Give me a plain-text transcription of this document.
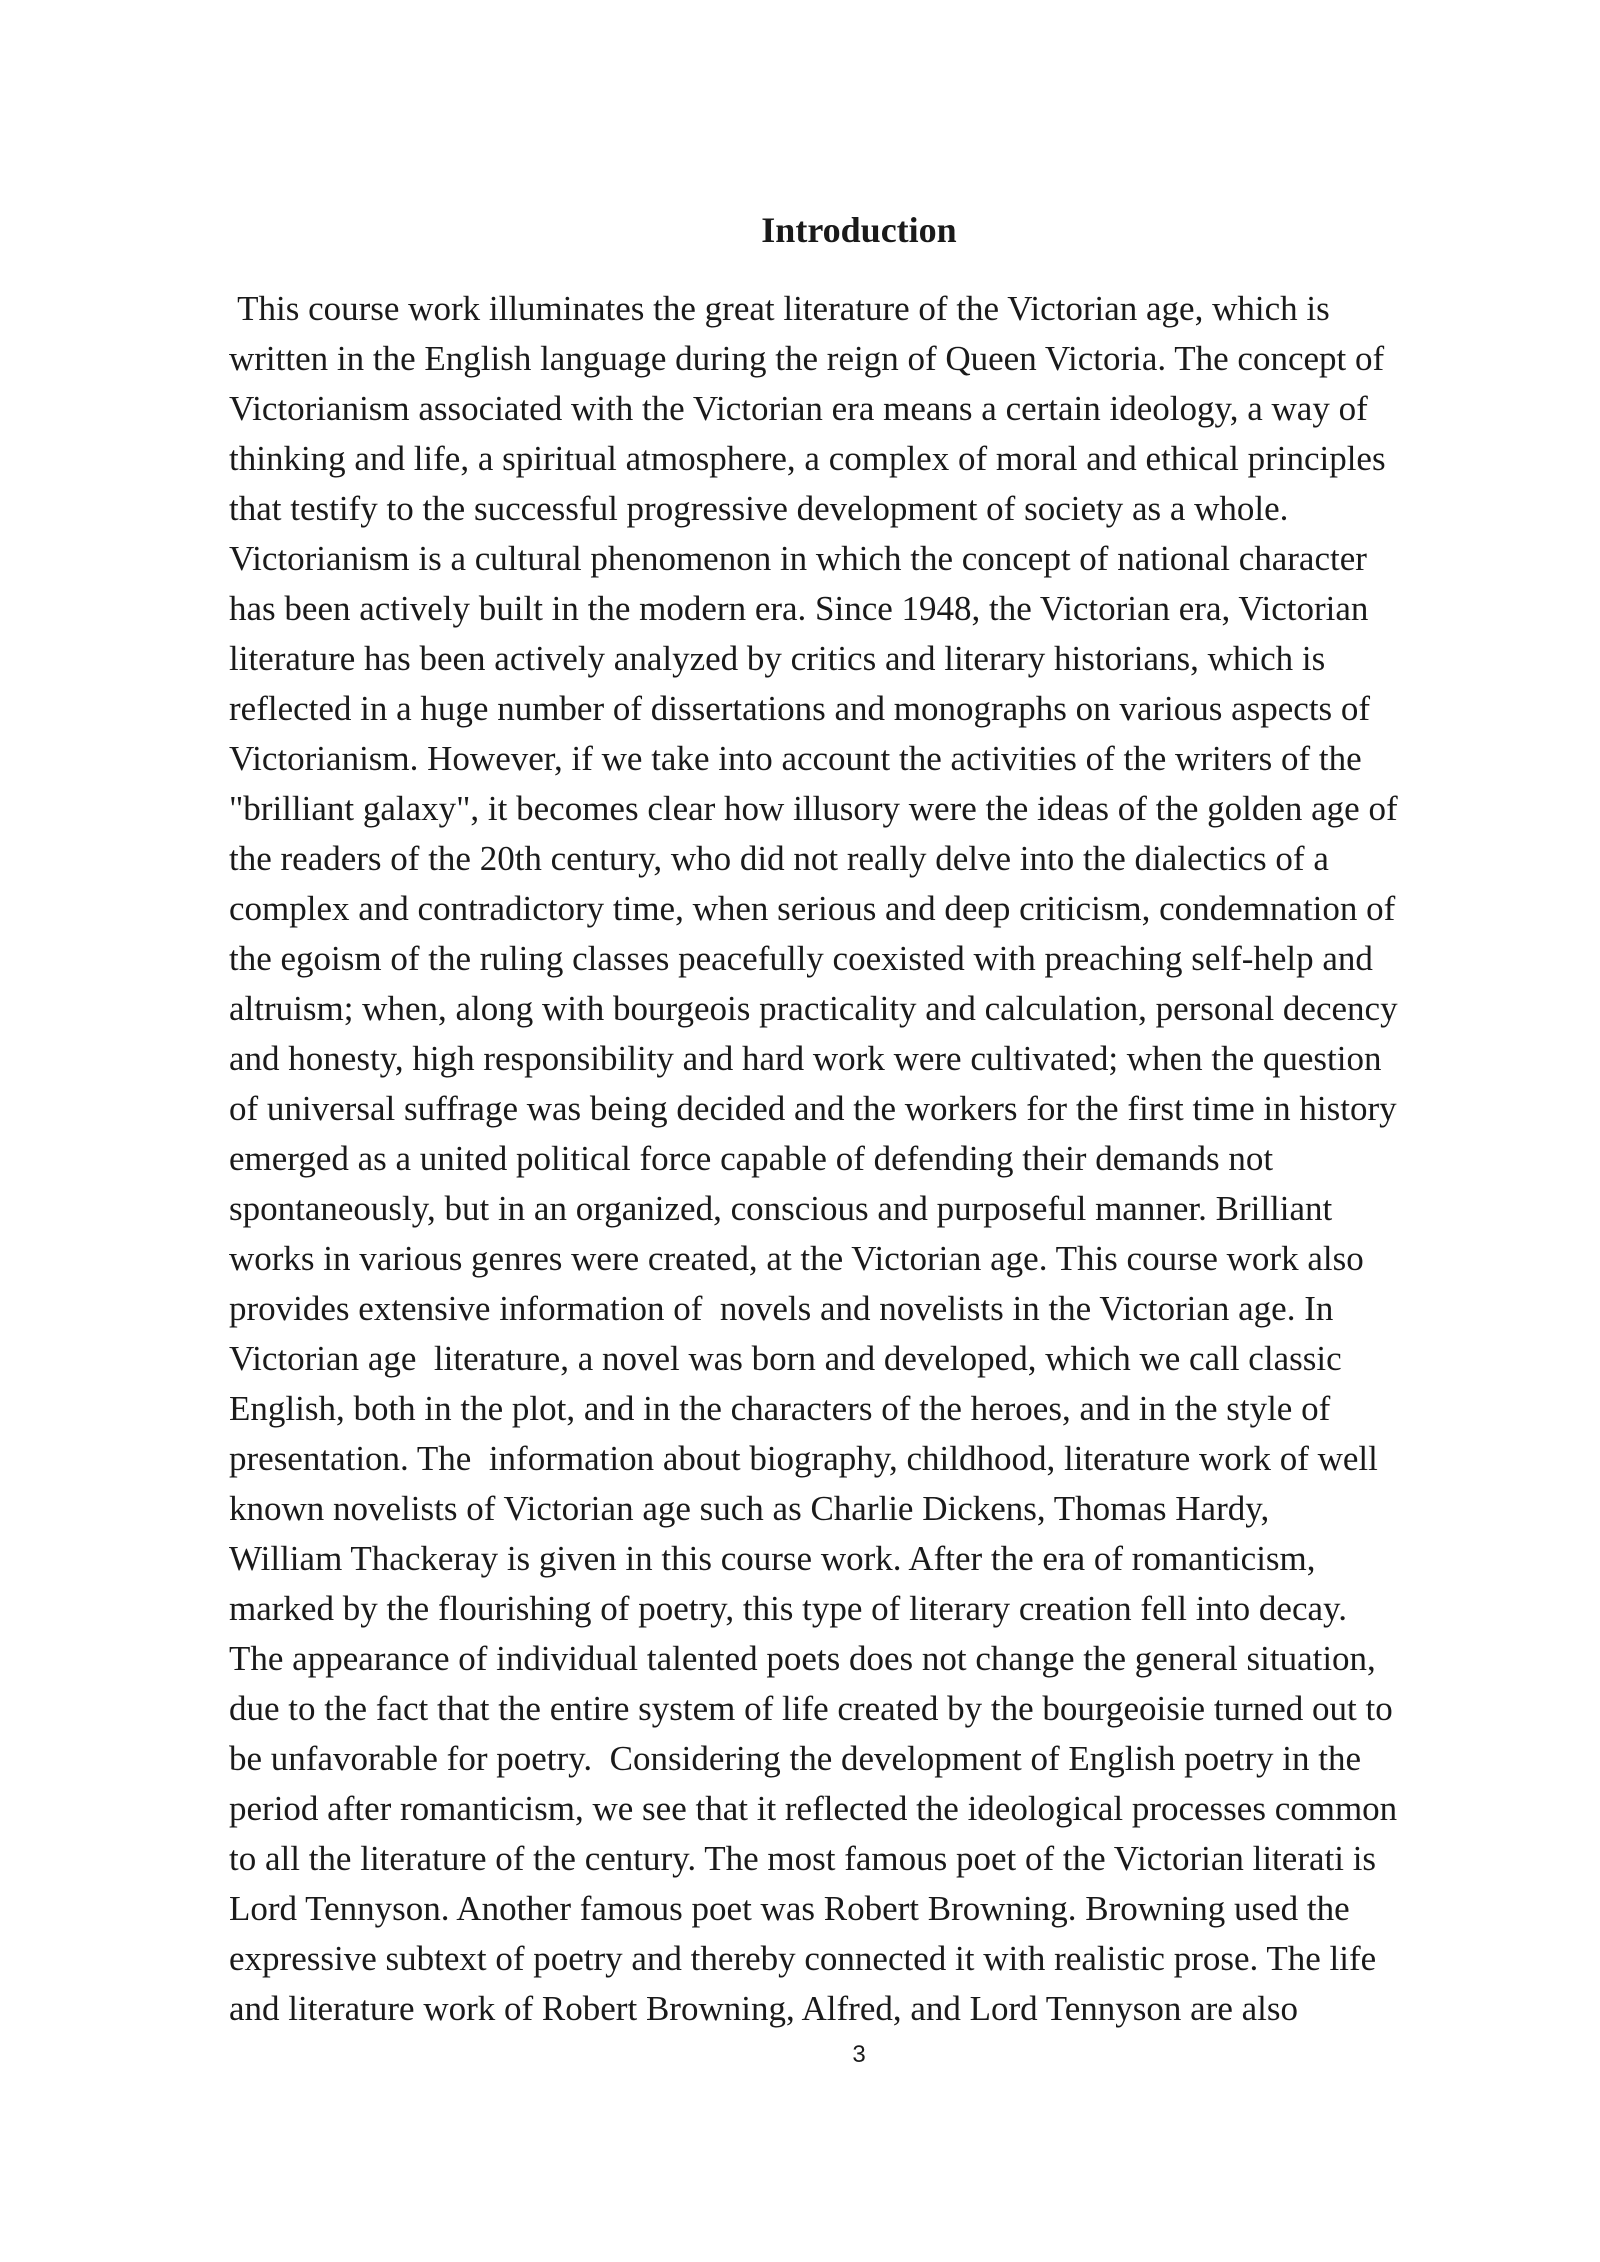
Introduction
This course work illuminates the great literature of the Victorian age, which is
written in the English language during the reign of Queen Victoria. The concept of
Victorianism associated with the Victorian era means a certain ideology, a way of
thinking and life, a spiritual atmosphere, a complex of moral and ethical principles
that testify to the successful progressive development of society as a whole.
Victorianism is a cultural phenomenon in which the concept of national character
has been actively built in the modern era. Since 1948, the Victorian era, Victorian
literature has been actively analyzed by critics and literary historians, which is
reflected in a huge number of dissertations and monographs on various aspects of
Victorianism. However, if we take into account the activities of the writers of the
"brilliant galaxy", it becomes clear how illusory were the ideas of the golden age of
the readers of the 20th century, who did not really delve into the dialectics of a
complex and contradictory time, when serious and deep criticism, condemnation of
the egoism of the ruling classes peacefully coexisted with preaching self-help and
altruism; when, along with bourgeois practicality and calculation, personal decency
and honesty, high responsibility and hard work were cultivated; when the question
of universal suffrage was being decided and the workers for the first time in history
emerged as a united political force capable of defending their demands not
spontaneously, but in an organized, conscious and purposeful manner. Brilliant
works in various genres were created, at the Victorian age. This course work also
provides extensive information of  novels and novelists in the Victorian age. In
Victorian age  literature, a novel was born and developed, which we call classic
English, both in the plot, and in the characters of the heroes, and in the style of
presentation. The  information about biography, childhood, literature work of well
known novelists of Victorian age such as Charlie Dickens, Thomas Hardy,
William Thackeray is given in this course work. After the era of romanticism,
marked by the flourishing of poetry, this type of literary creation fell into decay.
The appearance of individual talented poets does not change the general situation,
due to the fact that the entire system of life created by the bourgeoisie turned out to
be unfavorable for poetry.  Considering the development of English poetry in the
period after romanticism, we see that it reflected the ideological processes common
to all the literature of the century. The most famous poet of the Victorian literati is
Lord Tennyson. Another famous poet was Robert Browning. Browning used the
expressive subtext of poetry and thereby connected it with realistic prose. The life
and literature work of Robert Browning, Alfred, and Lord Tennyson are also
3
